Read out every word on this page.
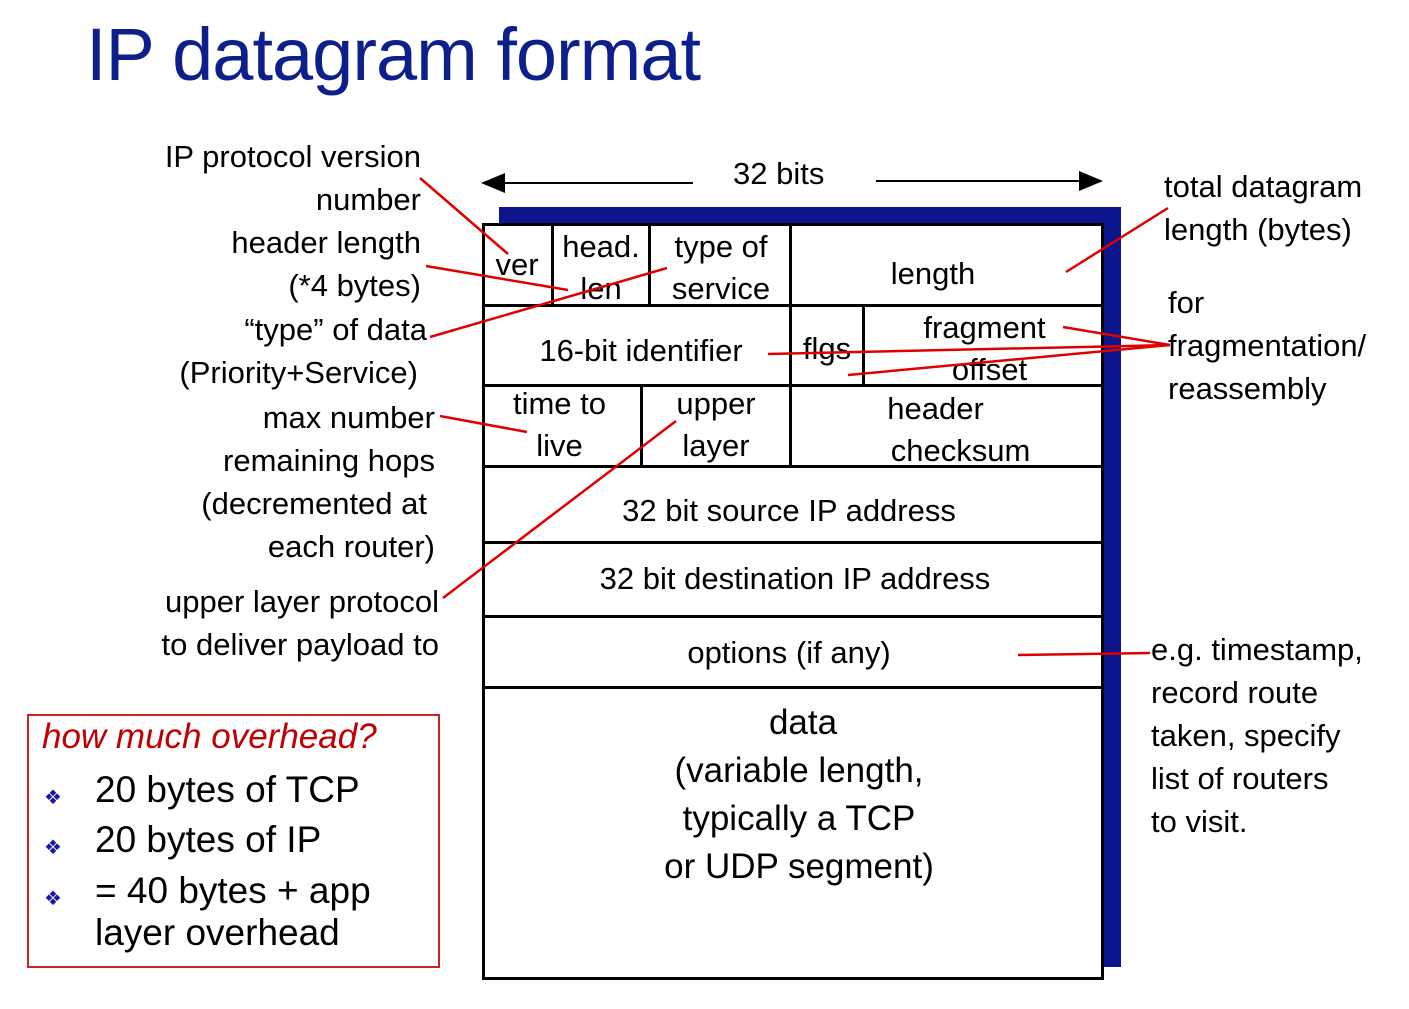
IP datagram format
IP protocol version
number
header length
(*4 bytes)
“type” of data
(Priority+Service)
max number
remaining hops
(decremented at
each router)
upper layer protocol
to deliver payload to
total datagram
length (bytes)
for
fragmentation/
reassembly
e.g. timestamp,
record route
taken, specify
list of routers
to visit.
32 bits
ver
head.
len
type of
service	length
16-bit identifier	flgs
fragment
offset
time to
live
upper
layer
header
checksum
32 bit source IP address
32 bit destination IP address
options (if any)
data
(variable length,
typically a TCP
or UDP segment)
how much overhead?
❖ 20 bytes of TCP
❖ 20 bytes of IP
❖ = 40 bytes + app
layer overhead
